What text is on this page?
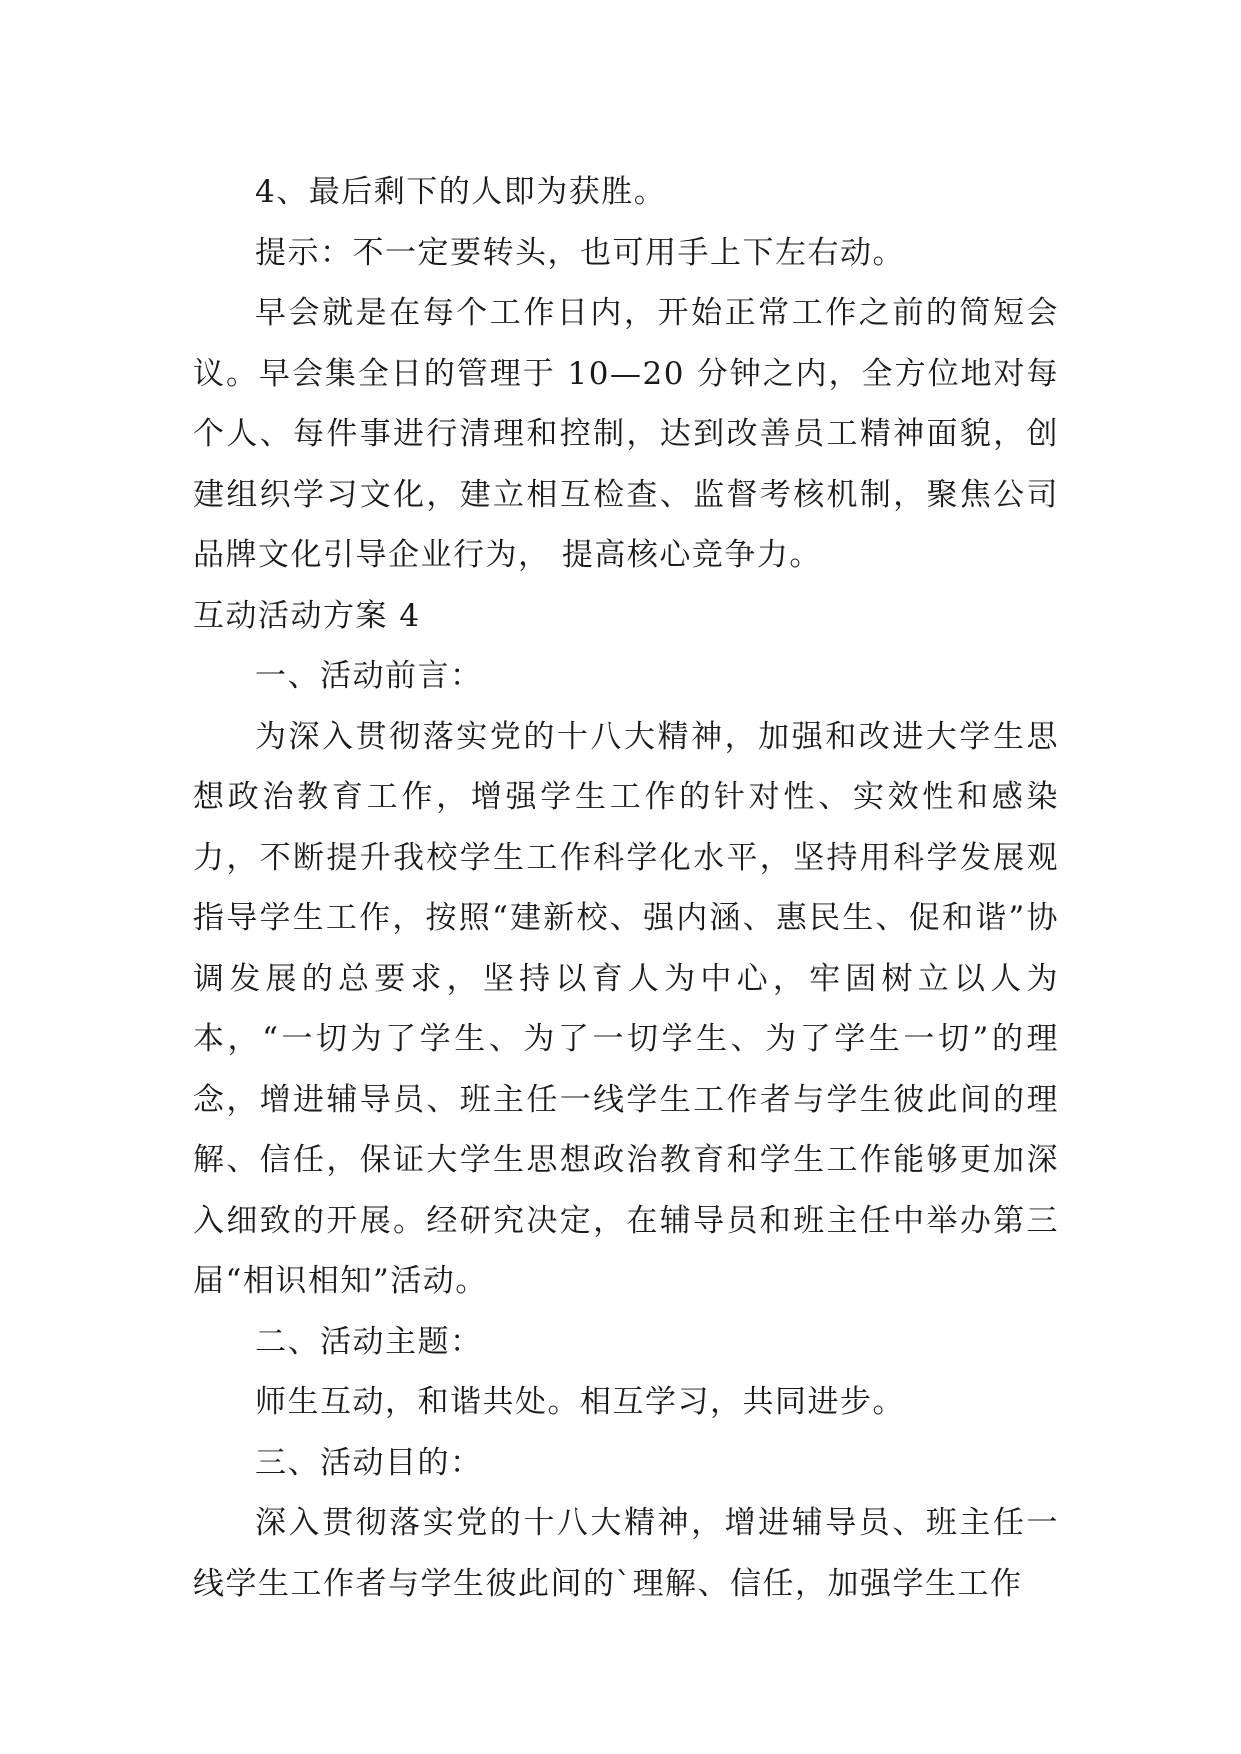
4、最后剩下的人即为获胜。

提示：不一定要转头，也可用手上下左右动。

早会就是在每个工作日内，开始正常工作之前的简短会议。早会集全日的管理于 10—20 分钟之内，全方位地对每个人、每件事进行清理和控制，达到改善员工精神面貌，创建组织学习文化，建立相互检查、监督考核机制，聚焦公司品牌文化引导企业行为， 提高核心竞争力。

互动活动方案 4

一、活动前言：

为深入贯彻落实党的十八大精神，加强和改进大学生思想政治教育工作，增强学生工作的针对性、实效性和感染力，不断提升我校学生工作科学化水平，坚持用科学发展观指导学生工作，按照“建新校、强内涵、惠民生、促和谐”协调发展的总要求，坚持以育人为中心，牢固树立以人为本，“一切为了学生、为了一切学生、为了学生一切”的理念，增进辅导员、班主任一线学生工作者与学生彼此间的理解、信任，保证大学生思想政治教育和学生工作能够更加深入细致的开展。经研究决定，在辅导员和班主任中举办第三届“相识相知”活动。

二、活动主题：

师生互动，和谐共处。相互学习，共同进步。

三、活动目的：

深入贯彻落实党的十八大精神，增进辅导员、班主任一线学生工作者与学生彼此间的`理解、信任，加强学生工作
